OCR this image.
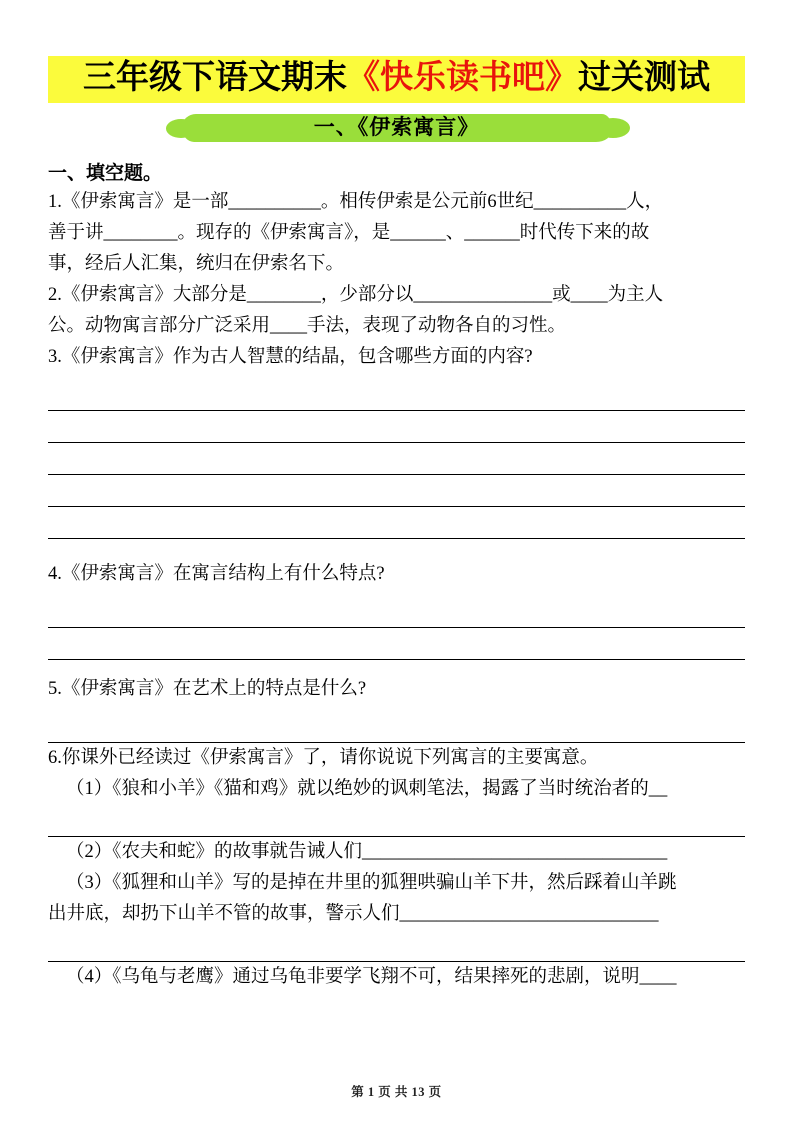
三年级下语文期末《快乐读书吧》过关测试
一、《伊索寓言》
一、填空题。

1.《伊索寓言》是一部__________。相传伊索是公元前6世纪__________人，

善于讲________。现存的《伊索寓言》，是______、______时代传下来的故

事，经后人汇集，统归在伊索名下。

2.《伊索寓言》大部分是________，少部分以_______________或____为主人

公。动物寓言部分广泛采用____手法，表现了动物各自的习性。

3.《伊索寓言》作为古人智慧的结晶，包含哪些方面的内容?

4.《伊索寓言》在寓言结构上有什么特点?

5.《伊索寓言》在艺术上的特点是什么?

6.你课外已经读过《伊索寓言》了，请你说说下列寓言的主要寓意。

（1）《狼和小羊》《猫和鸡》就以绝妙的讽刺笔法，揭露了当时统治者的__

（2）《农夫和蛇》的故事就告诫人们_________________________________

（3）《狐狸和山羊》写的是掉在井里的狐狸哄骗山羊下井，然后踩着山羊跳

出井底，却扔下山羊不管的故事，警示人们____________________________

（4）《乌龟与老鹰》通过乌龟非要学飞翔不可，结果摔死的悲剧，说明____

第 1 页 共 13 页
